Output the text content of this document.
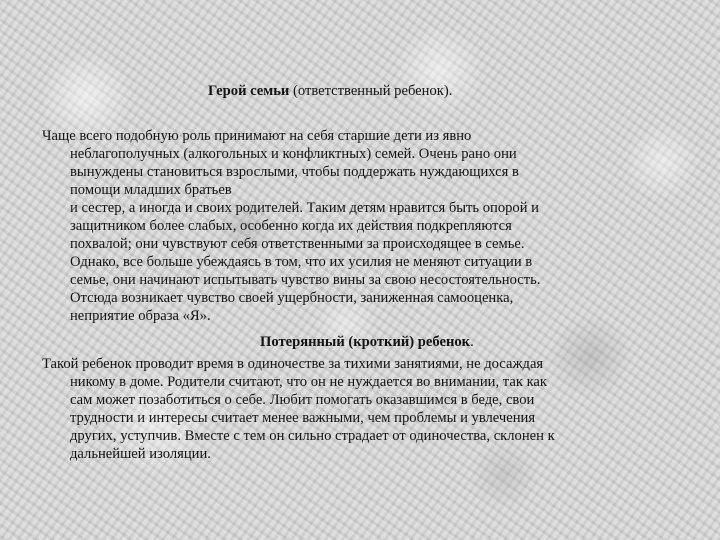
Герой семьи (ответственный ребенок).

Чаще всего подобную роль принимают на себя старшие дети из явно
неблагополучных (алкогольных и конфликтных) семей. Очень рано они
вынуждены становиться взрослыми, чтобы поддержать нуждающихся в
помощи младших братьев
и сестер, а иногда и своих родителей. Таким детям нравится быть опорой и
защитником более слабых, особенно когда их действия подкрепляются
похвалой; они чувствуют себя ответственными за происходящее в семье.
Однако, все больше убеждаясь в том, что их усилия не меняют ситуации в
семье, они начинают испытывать чувство вины за свою несостоятельность.
Отсюда возникает чувство своей ущербности, заниженная самооценка,
неприятие образа «Я».

Потерянный (кроткий) ребенок.

Такой ребенок проводит время в одиночестве за тихими занятиями, не досаждая
никому в доме. Родители считают, что он не нуждается во внимании, так как
сам может позаботиться о себе. Любит помогать оказавшимся в беде, свои
трудности и интересы считает менее важными, чем проблемы и увлечения
других, уступчив. Вместе с тем он сильно страдает от одиночества, склонен к
дальнейшей изоляции.
